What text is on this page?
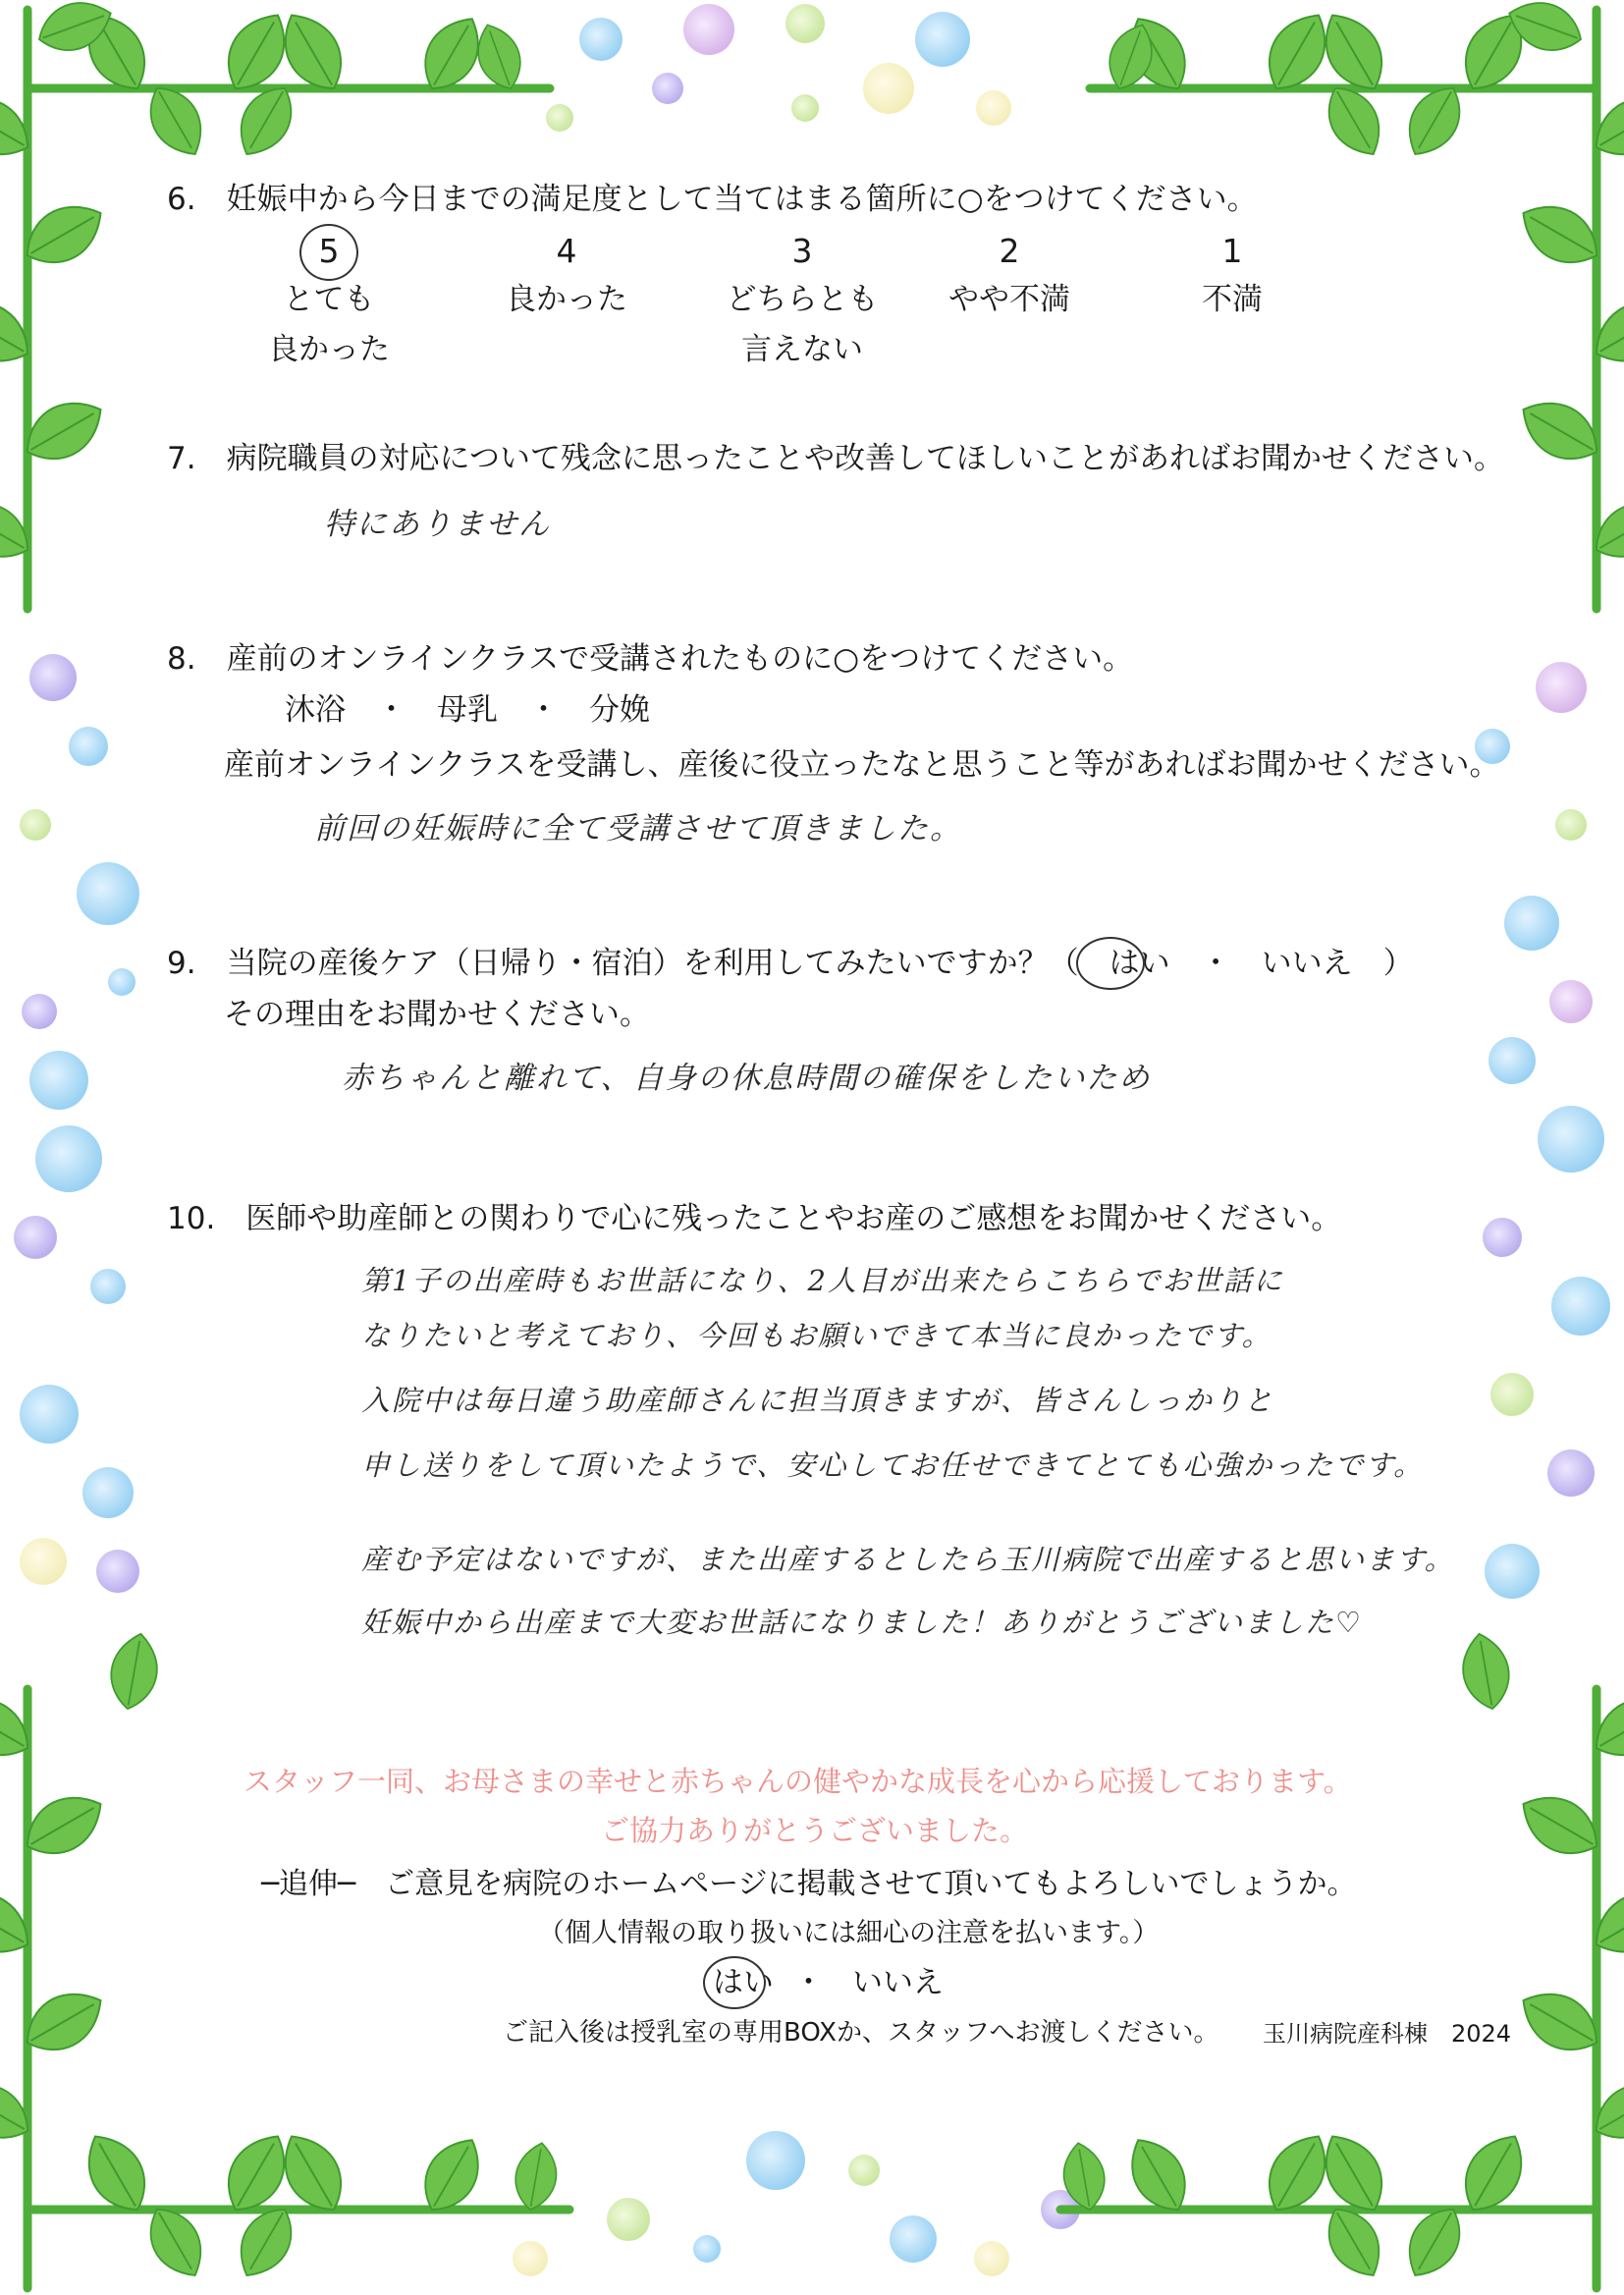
6.　妊娠中から今日までの満足度として当てはまる箇所に○をつけてください。
5
とても
良かった
4
良かった
3
どちらとも
言えない
2
やや不満
1
不満
7.　病院職員の対応について残念に思ったことや改善してほしいことがあればお聞かせください。
特にありません
8.　産前のオンラインクラスで受講されたものに○をつけてください。
沐浴　・　母乳　・　分娩
産前オンラインクラスを受講し、産後に役立ったなと思うこと等があればお聞かせください。
前回の妊娠時に全て受講させて頂きました。
9.　当院の産後ケア（日帰り・宿泊）を利用してみたいですか？（　はい　・　いいえ　）
その理由をお聞かせください。
赤ちゃんと離れて、自身の休息時間の確保をしたいため
10.　医師や助産師との関わりで心に残ったことやお産のご感想をお聞かせください。
第1子の出産時もお世話になり、2人目が出来たらこちらでお世話に
なりたいと考えており、今回もお願いできて本当に良かったです。
入院中は毎日違う助産師さんに担当頂きますが、皆さんしっかりと
申し送りをして頂いたようで、安心してお任せできてとても心強かったです。
産む予定はないですが、また出産するとしたら玉川病院で出産すると思います。
妊娠中から出産まで大変お世話になりました！ありがとうございました♡
スタッフ一同、お母さまの幸せと赤ちゃんの健やかな成長を心から応援しております。
ご協力ありがとうございました。
─追伸─　ご意見を病院のホームページに掲載させて頂いてもよろしいでしょうか。
（個人情報の取り扱いには細心の注意を払います。）
はい ・ いいえ
ご記入後は授乳室の専用BOXか、スタッフへお渡しください。 玉川病院産科棟　2024
